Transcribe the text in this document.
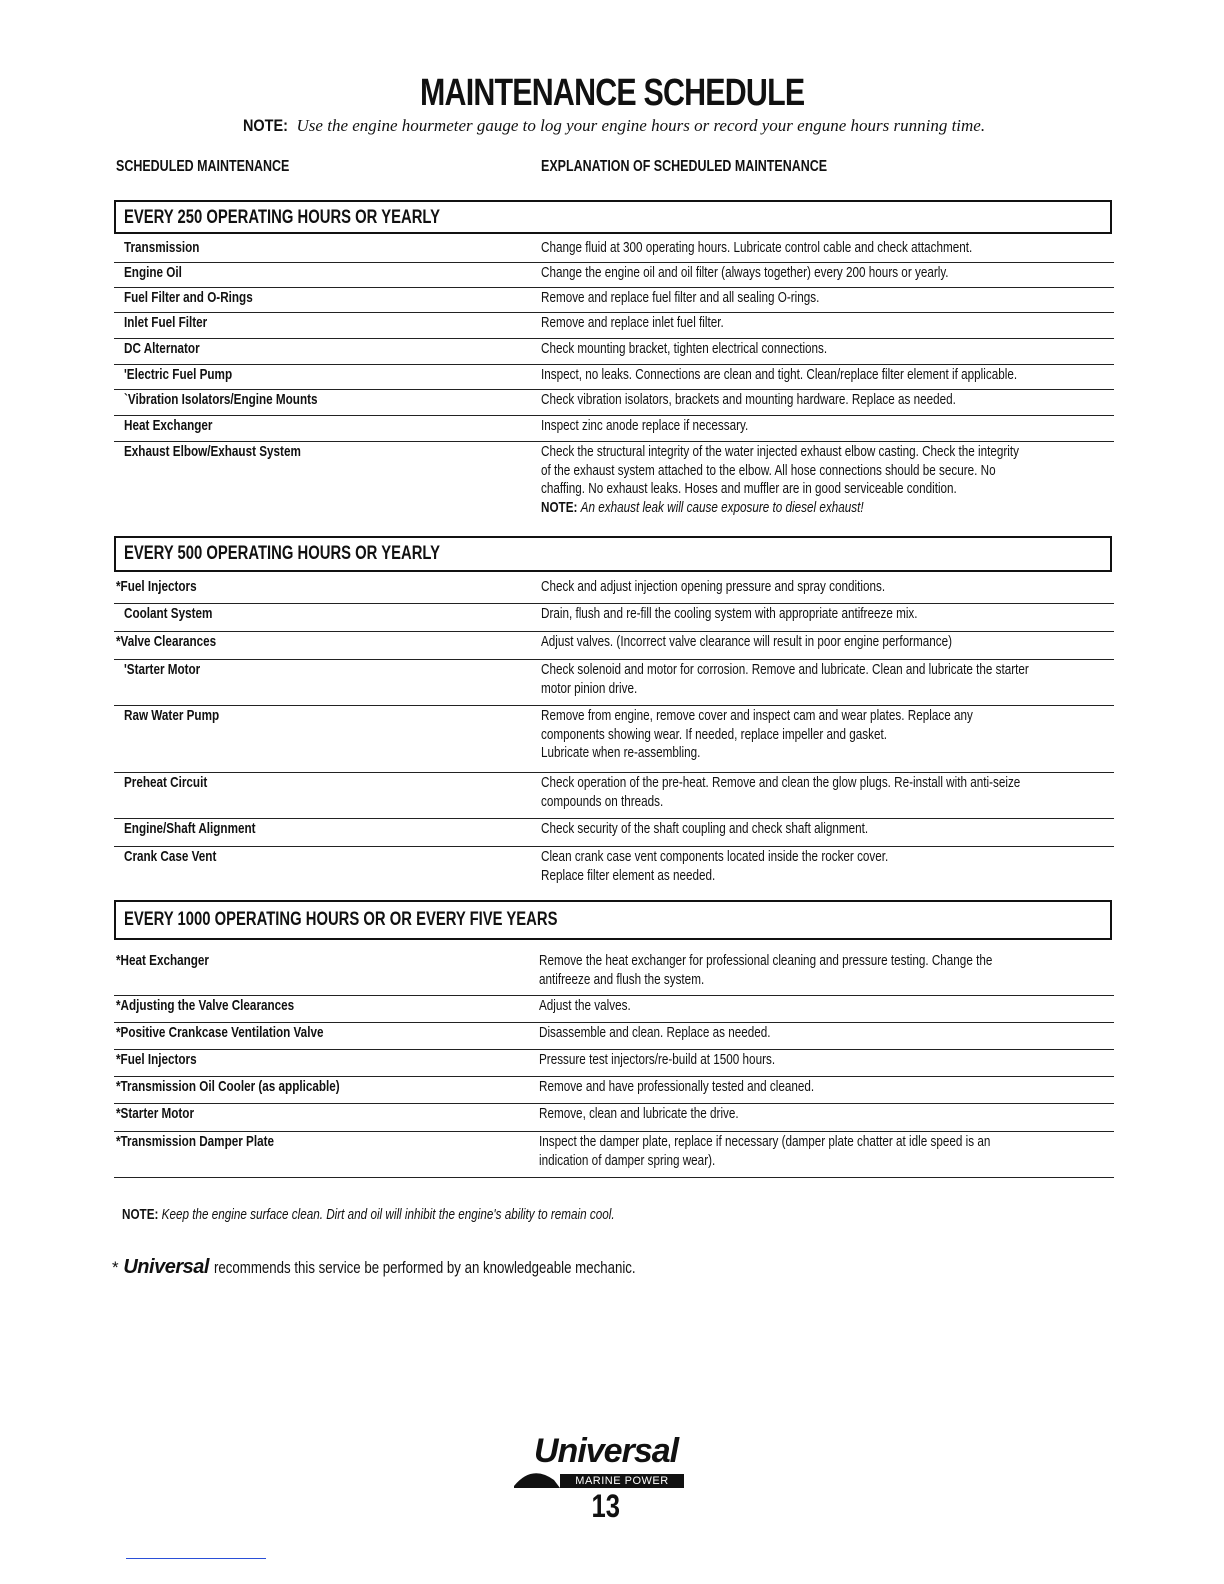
MAINTENANCE SCHEDULE
NOTE: Use the engine hourmeter gauge to log your engine hours or record your engune hours running time.
SCHEDULED MAINTENANCE	EXPLANATION OF SCHEDULED MAINTENANCE
EVERY 250 OPERATING HOURS OR YEARLY
Transmission	Change fluid at 300 operating hours. Lubricate control cable and check attachment.
Engine Oil	Change the engine oil and oil filter (always together) every 200 hours or yearly.
Fuel Filter and O-Rings	Remove and replace fuel filter and all sealing O-rings.
Inlet Fuel Filter	Remove and replace inlet fuel filter.
DC Alternator	Check mounting bracket, tighten electrical connections.
'Electric Fuel Pump	Inspect, no leaks. Connections are clean and tight. Clean/replace filter element if applicable.
`Vibration Isolators/Engine Mounts	Check vibration isolators, brackets and mounting hardware. Replace as needed.
Heat Exchanger	Inspect zinc anode replace if necessary.
Exhaust Elbow/Exhaust System	Check the structural integrity of the water injected exhaust elbow casting. Check the integrity
of the exhaust system attached to the elbow. All hose connections should be secure. No
chaffing. No exhaust leaks. Hoses and muffler are in good serviceable condition.
NOTE: An exhaust leak will cause exposure to diesel exhaust!
EVERY 500 OPERATING HOURS OR YEARLY
*Fuel Injectors	Check and adjust injection opening pressure and spray conditions.
Coolant System	Drain, flush and re-fill the cooling system with appropriate antifreeze mix.
*Valve Clearances	Adjust valves. (Incorrect valve clearance will result in poor engine performance)
'Starter Motor	Check solenoid and motor for corrosion. Remove and lubricate. Clean and lubricate the starter
motor pinion drive.
Raw Water Pump	Remove from engine, remove cover and inspect cam and wear plates. Replace any
components showing wear. If needed, replace impeller and gasket.
Lubricate when re-assembling.
Preheat Circuit	Check operation of the pre-heat. Remove and clean the glow plugs. Re-install with anti-seize
compounds on threads.
Engine/Shaft Alignment	Check security of the shaft coupling and check shaft alignment.
Crank Case Vent	Clean crank case vent components located inside the rocker cover.
Replace filter element as needed.
EVERY 1000 OPERATING HOURS OR OR EVERY FIVE YEARS
*Heat Exchanger	Remove the heat exchanger for professional cleaning and pressure testing. Change the
antifreeze and flush the system.
*Adjusting the Valve Clearances	Adjust the valves.
*Positive Crankcase Ventilation Valve	Disassemble and clean. Replace as needed.
*Fuel Injectors	Pressure test injectors/re-build at 1500 hours.
*Transmission Oil Cooler (as applicable)	Remove and have professionally tested and cleaned.
*Starter Motor	Remove, clean and lubricate the drive.
*Transmission Damper Plate	Inspect the damper plate, replace if necessary (damper plate chatter at idle speed is an
indication of damper spring wear).
NOTE: Keep the engine surface clean. Dirt and oil will inhibit the engine's ability to remain cool.
* Universal recommends this service be performed by an knowledgeable mechanic.
Universal
MARINE POWER
13
